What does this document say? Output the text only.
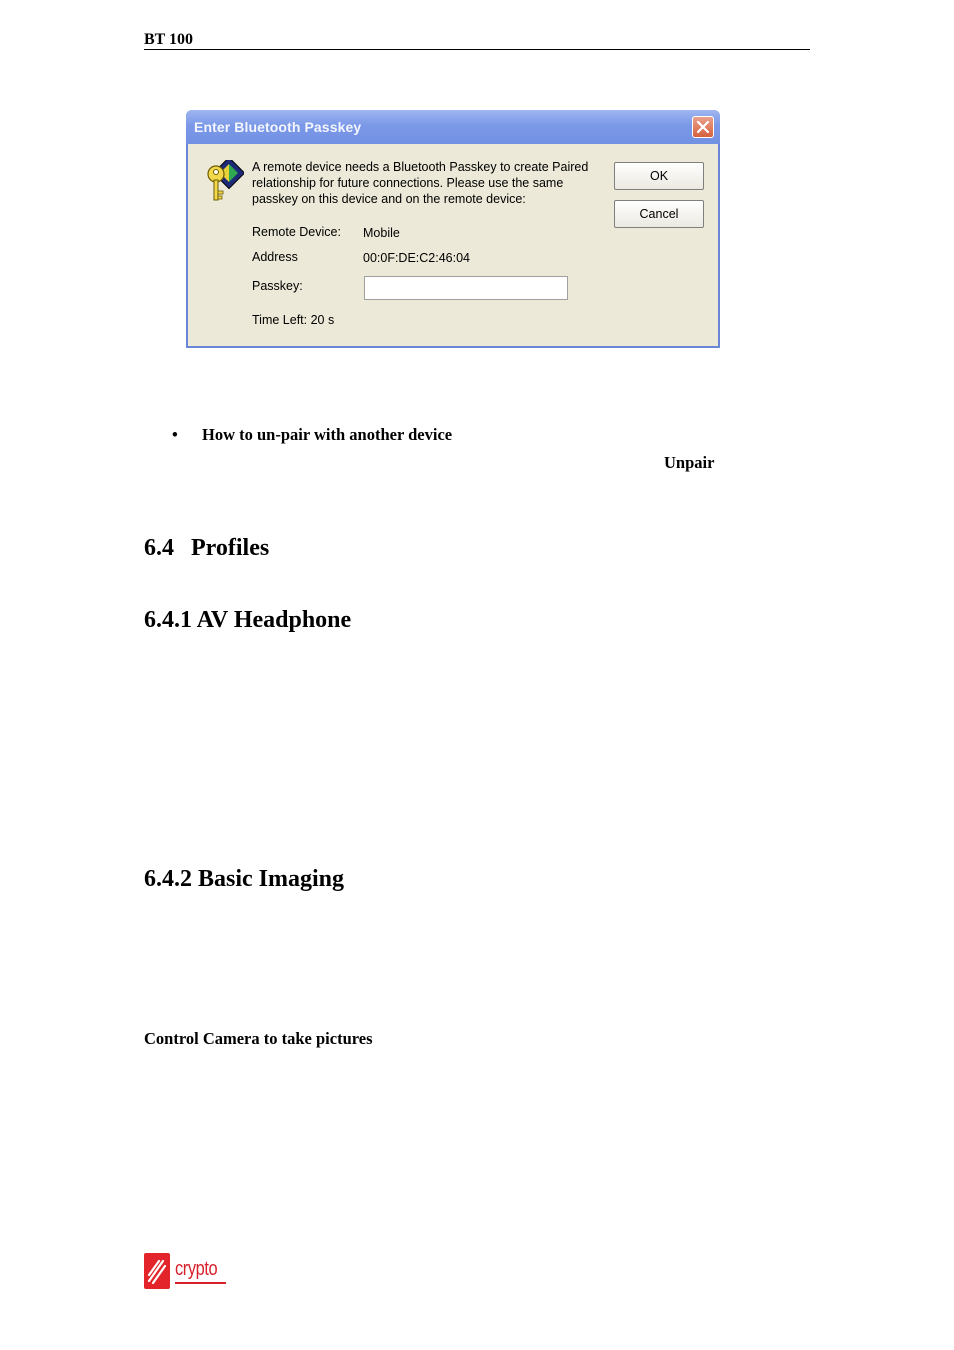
BT 100
Enter Bluetooth Passkey
A remote device needs a Bluetooth Passkey to create Paired relationship for future connections. Please use the same passkey on this device and on the remote device:
Remote Device: Mobile
Address	00:0F:DE:C2:46:04
Passkey:
Time Left: 20 s
OK
Cancel
• How to un-pair with another device
Unpair
6.4 Profiles
6.4.1 AV Headphone
6.4.2 Basic Imaging
Control Camera to take pictures
crypto
